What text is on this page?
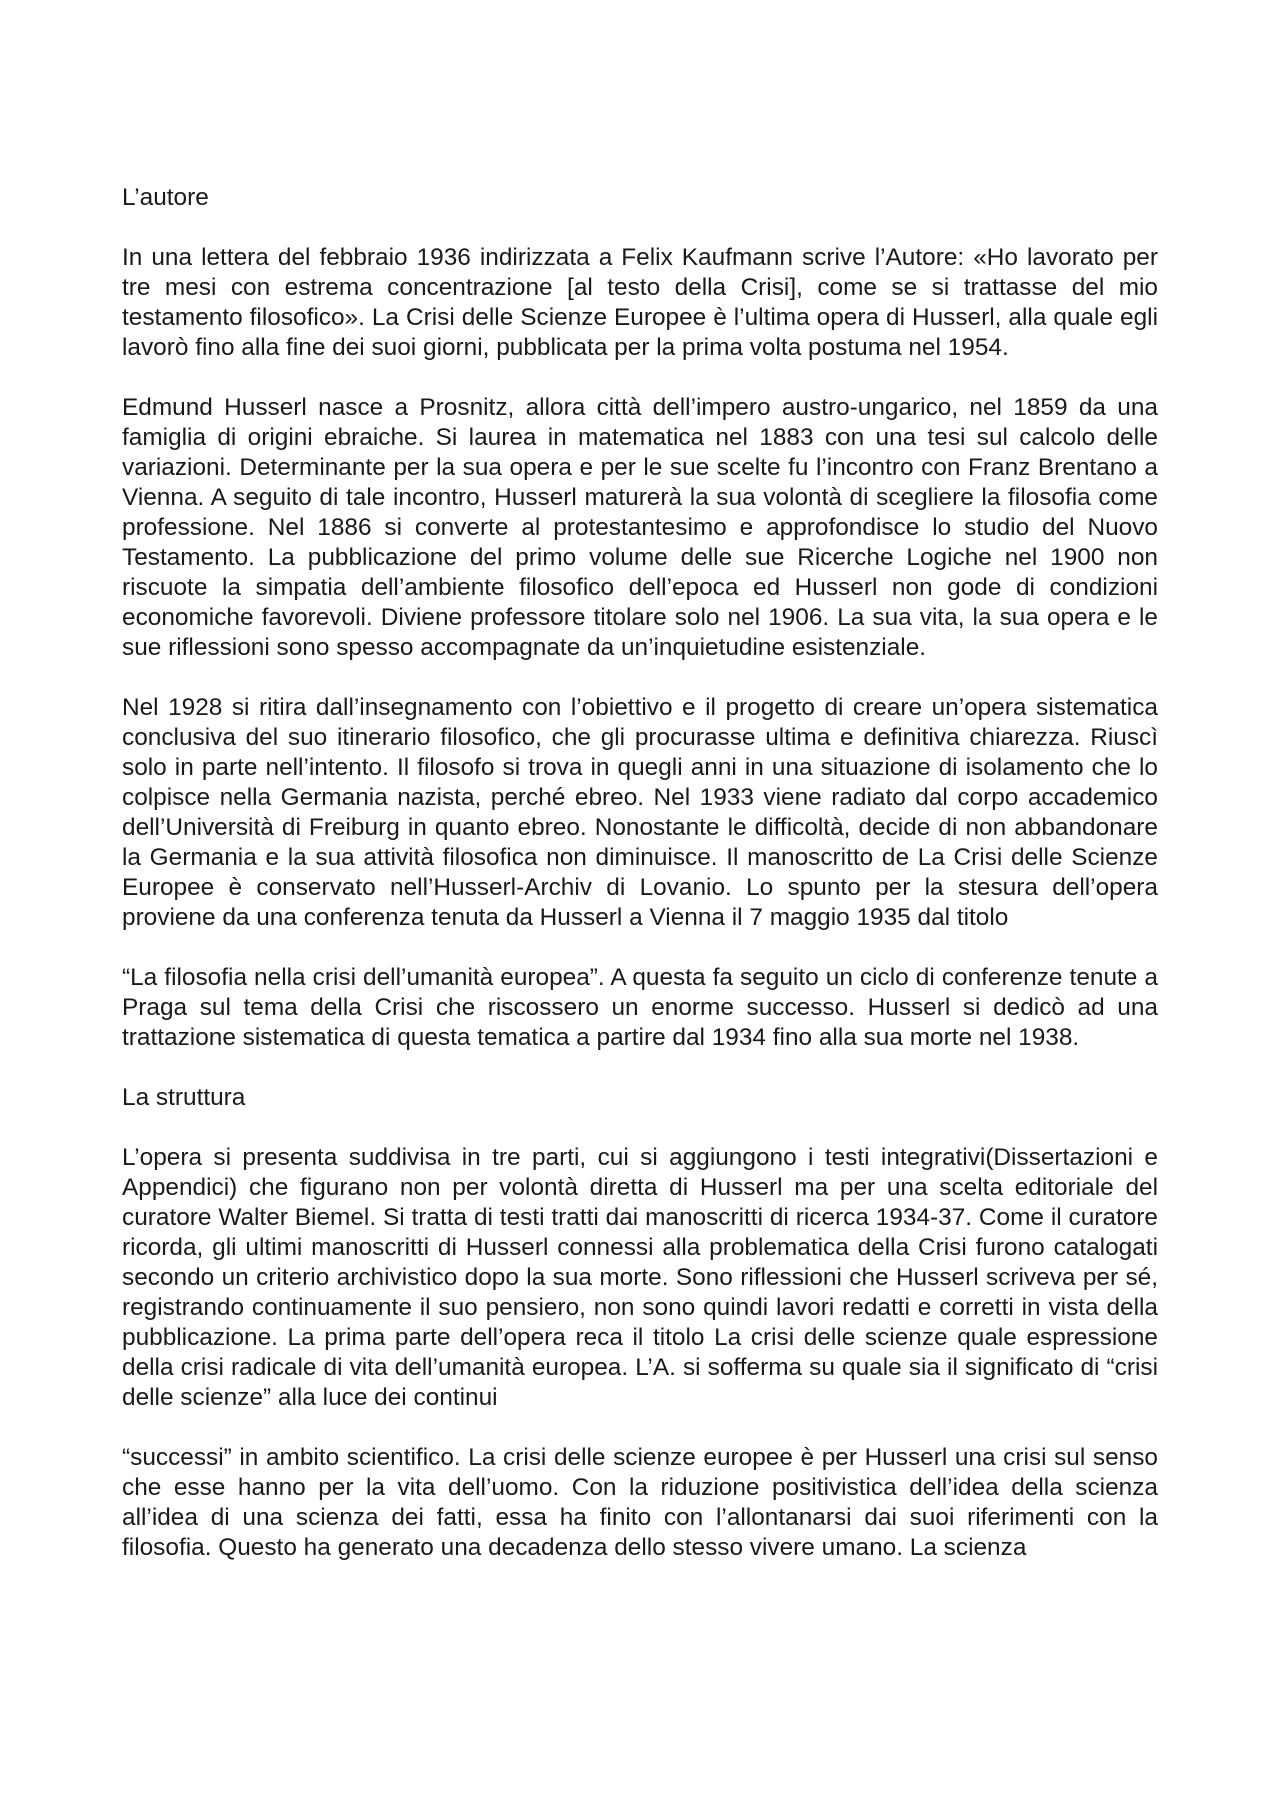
L’autore
In una lettera del febbraio 1936 indirizzata a Felix Kaufmann scrive l’Autore: «Ho lavorato per tre mesi con estrema concentrazione [al testo della Crisi], come se si trattasse del mio testamento filosofico». La Crisi delle Scienze Europee è l’ultima opera di Husserl, alla quale egli lavorò fino alla fine dei suoi giorni, pubblicata per la prima volta postuma nel 1954.
Edmund Husserl nasce a Prosnitz, allora città dell’impero austro-ungarico, nel 1859 da una famiglia di origini ebraiche. Si laurea in matematica nel 1883 con una tesi sul calcolo delle variazioni. Determinante per la sua opera e per le sue scelte fu l’incontro con Franz Brentano a Vienna. A seguito di tale incontro, Husserl maturerà la sua volontà di scegliere la filosofia come professione. Nel 1886 si converte al protestantesimo e approfondisce lo studio del Nuovo Testamento. La pubblicazione del primo volume delle sue Ricerche Logiche nel 1900 non riscuote la simpatia dell’ambiente filosofico dell’epoca ed Husserl non gode di condizioni economiche favorevoli. Diviene professore titolare solo nel 1906. La sua vita, la sua opera e le sue riflessioni sono spesso accompagnate da un’inquietudine esistenziale.
Nel 1928 si ritira dall’insegnamento con l’obiettivo e il progetto di creare un’opera sistematica conclusiva del suo itinerario filosofico, che gli procurasse ultima e definitiva chiarezza. Riuscì solo in parte nell’intento. Il filosofo si trova in quegli anni in una situazione di isolamento che lo colpisce nella Germania nazista, perché ebreo. Nel 1933 viene radiato dal corpo accademico dell’Università di Freiburg in quanto ebreo. Nonostante le difficoltà, decide di non abbandonare la Germania e la sua attività filosofica non diminuisce. Il manoscritto de La Crisi delle Scienze Europee è conservato nell’Husserl-Archiv di Lovanio. Lo spunto per la stesura dell’opera proviene da una conferenza tenuta da Husserl a Vienna il 7 maggio 1935 dal titolo
“La filosofia nella crisi dell’umanità europea”. A questa fa seguito un ciclo di conferenze tenute a Praga sul tema della Crisi che riscossero un enorme successo. Husserl si dedicò ad una trattazione sistematica di questa tematica a partire dal 1934 fino alla sua morte nel 1938.
La struttura
L’opera si presenta suddivisa in tre parti, cui si aggiungono i testi integrativi(Dissertazioni e Appendici) che figurano non per volontà diretta di Husserl ma per una scelta editoriale del curatore Walter Biemel. Si tratta di testi tratti dai manoscritti di ricerca 1934-37. Come il curatore ricorda, gli ultimi manoscritti di Husserl connessi alla problematica della Crisi furono catalogati secondo un criterio archivistico dopo la sua morte. Sono riflessioni che Husserl scriveva per sé, registrando continuamente il suo pensiero, non sono quindi lavori redatti e corretti in vista della pubblicazione. La prima parte dell’opera reca il titolo La crisi delle scienze quale espressione della crisi radicale di vita dell’umanità europea. L’A. si sofferma su quale sia il significato di “crisi delle scienze” alla luce dei continui
“successi” in ambito scientifico. La crisi delle scienze europee è per Husserl una crisi sul senso che esse hanno per la vita dell’uomo. Con la riduzione positivistica dell’idea della scienza all’idea di una scienza dei fatti, essa ha finito con l’allontanarsi dai suoi riferimenti con la filosofia. Questo ha generato una decadenza dello stesso vivere umano. La scienza
